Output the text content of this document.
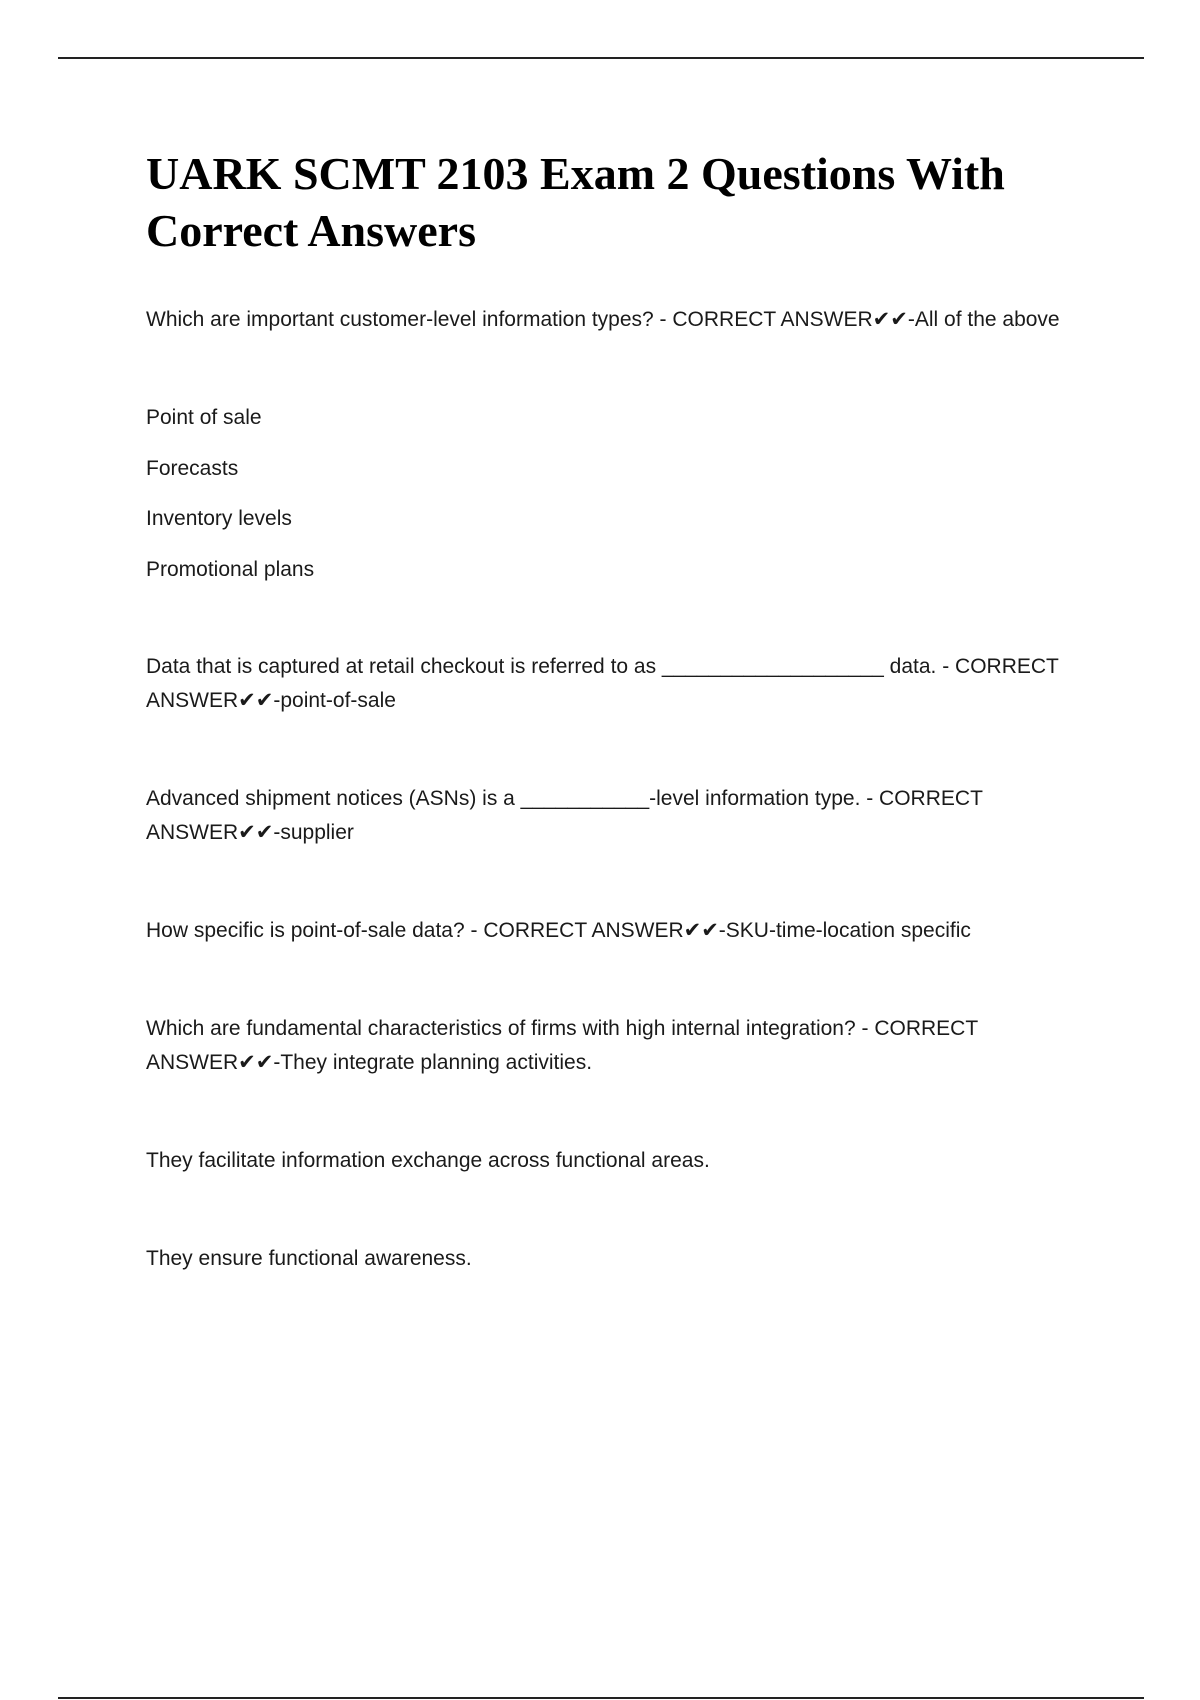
UARK SCMT 2103 Exam 2 Questions With Correct Answers

Which are important customer-level information types? - CORRECT ANSWER✔✔-All of the above

Point of sale

Forecasts

Inventory levels

Promotional plans

Data that is captured at retail checkout is referred to as ___________________ data. - CORRECT ANSWER✔✔-point-of-sale

Advanced shipment notices (ASNs) is a ___________-level information type. - CORRECT ANSWER✔✔-supplier

How specific is point-of-sale data? - CORRECT ANSWER✔✔-SKU-time-location specific

Which are fundamental characteristics of firms with high internal integration? - CORRECT ANSWER✔✔-They integrate planning activities.

They facilitate information exchange across functional areas.

They ensure functional awareness.
